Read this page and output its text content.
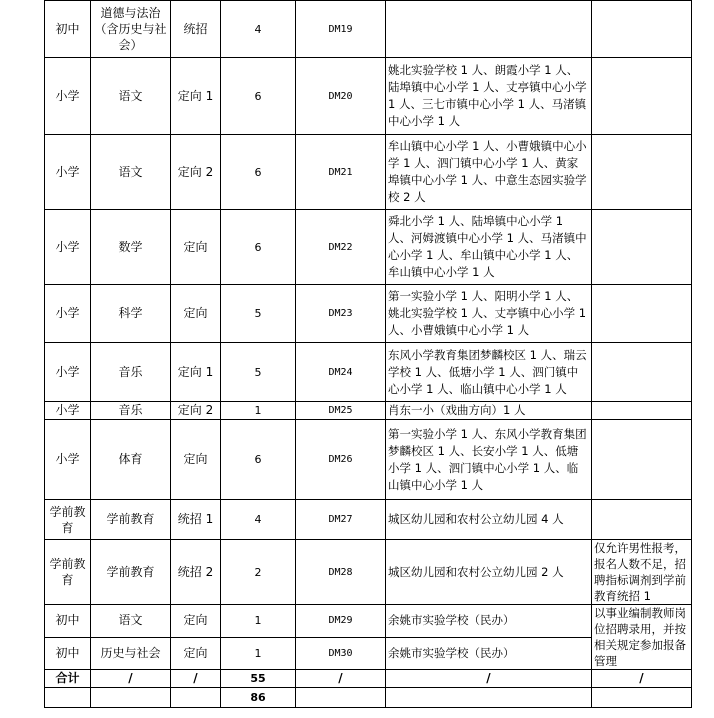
初中	道德与法治（含历史与社会）	统招	4	DM19		
小学	语文	定向 1	6	DM20	姚北实验学校 1 人、朗霞小学 1 人、陆埠镇中心小学 1 人、丈亭镇中心小学 1 人、三七市镇中心小学 1 人、马渚镇中心小学 1 人	
小学	语文	定向 2	6	DM21	牟山镇中心小学 1 人、小曹娥镇中心小学 1 人、泗门镇中心小学 1 人、黄家埠镇中心小学 1 人、中意生态园实验学校 2 人	
小学	数学	定向	6	DM22	舜北小学 1 人、陆埠镇中心小学 1 人、河姆渡镇中心小学 1 人、马渚镇中心小学 1 人、牟山镇中心小学 1 人、牟山镇中心小学 1 人	
小学	科学	定向	5	DM23	第一实验小学 1 人、阳明小学 1 人、姚北实验学校 1 人、丈亭镇中心小学 1 人、小曹娥镇中心小学 1 人	
小学	音乐	定向 1	5	DM24	东风小学教育集团梦麟校区 1 人、瑞云学校 1 人、低塘小学 1 人、泗门镇中心小学 1 人、临山镇中心小学 1 人	
小学	音乐	定向 2	1	DM25	肖东一小（戏曲方向）1 人	
小学	体育	定向	6	DM26	第一实验小学 1 人、东风小学教育集团梦麟校区 1 人、长安小学 1 人、低塘小学 1 人、泗门镇中心小学 1 人、临山镇中心小学 1 人	
学前教育	学前教育	统招 1	4	DM27	城区幼儿园和农村公立幼儿园 4 人	
学前教育	学前教育	统招 2	2	DM28	城区幼儿园和农村公立幼儿园 2 人	仅允许男性报考，报名人数不足，招聘指标调剂到学前教育统招 1
初中	语文	定向	1	DM29	余姚市实验学校（民办）	以事业编制教师岗位招聘录用，并按相关规定参加报备管理
初中	历史与社会	定向	1	DM30	余姚市实验学校（民办）	
合计	/	/	55	/	/	/
			86			
